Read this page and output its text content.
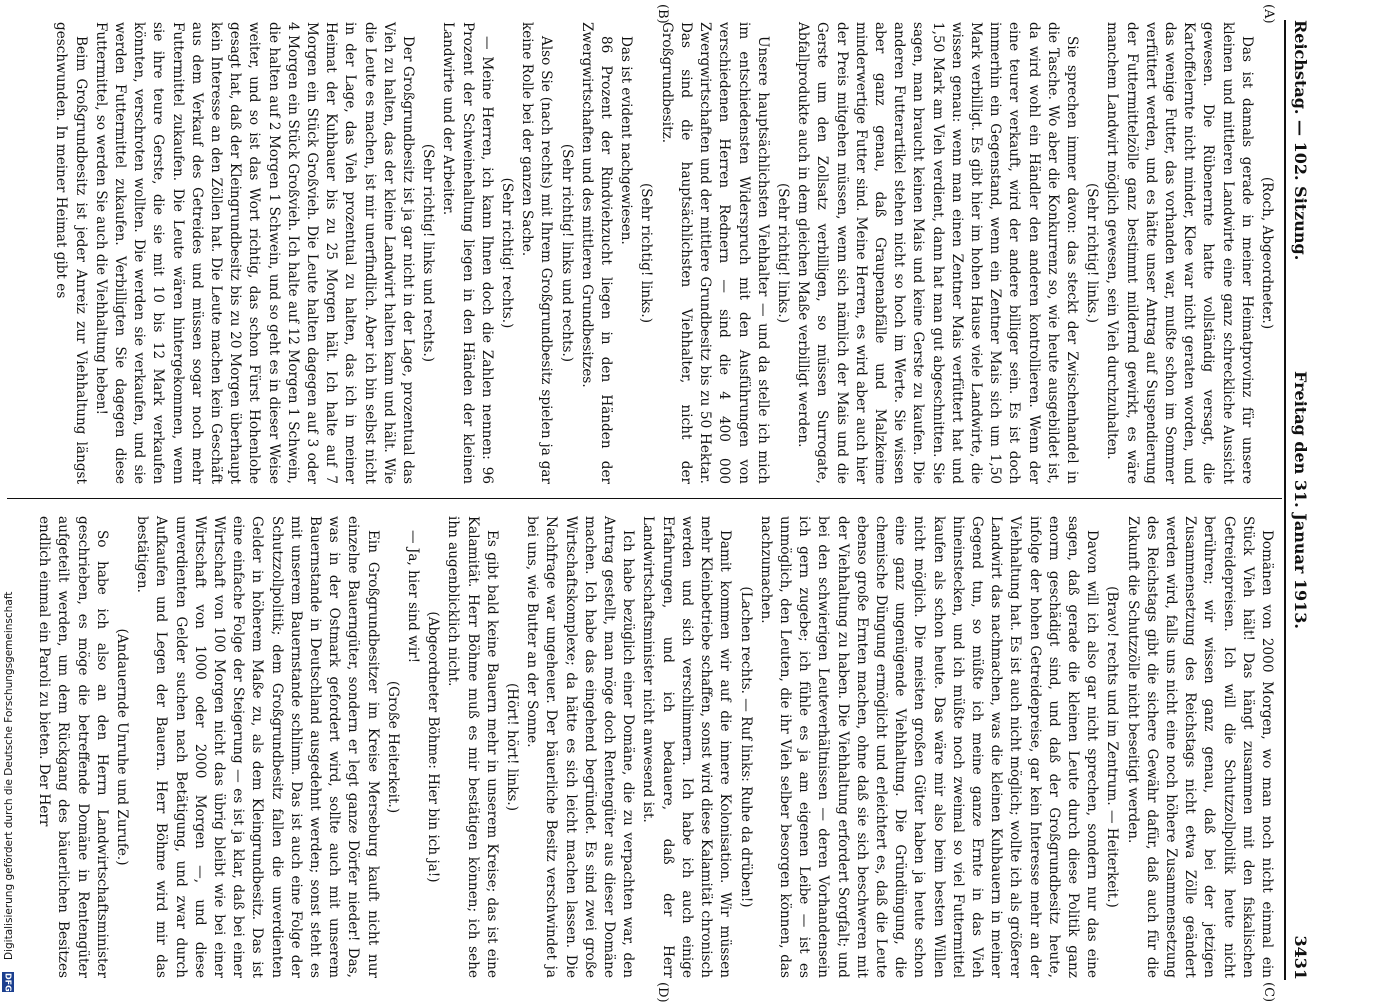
Reichstag. — 102. Sitzung.
Freitag den 31. Januar 1913.
3431
(A)
(B)
(C)
(D)

(Roch, Abgeordneter.)

Das ist damals gerade in meiner Heimatprovinz für unsere kleinen und mittleren Landwirte eine ganz schreckliche Aussicht gewesen. Die Rübenernte hatte vollständig versagt, die Kartoffelernte nicht minder, Klee war nicht geraten worden, und das wenige Futter, das vorhanden war, mußte schon im Sommer verfüttert werden, und es hätte unser Antrag auf Suspendierung der Futtermittelzölle ganz bestimmt mildernd gewirkt, es wäre manchem Landwirt möglich gewesen, sein Vieh durchzuhalten.

(Sehr richtig! links.)

Sie sprechen immer davon: das steckt der Zwischenhandel in die Tasche. Wo aber die Konkurrenz so, wie heute ausgebildet ist, da wird wohl ein Händler den anderen kontrollieren. Wenn der eine teurer verkauft, wird der andere billiger sein. Es ist doch immerhin ein Gegenstand, wenn ein Zentner Mais sich um 1,50 Mark verbilligt. Es gibt hier im hohen Hause viele Landwirte, die wissen genau: wenn man einen Zentner Mais verfüttert hat und 1,50 Mark am Vieh verdient, dann hat man gut abgeschnitten. Sie sagen, man braucht keinen Mais und keine Gerste zu kaufen. Die anderen Futterartikel stehen nicht so hoch im Werte. Sie wissen aber ganz genau, daß Graupenabfälle und Malzkeime minderwertige Futter sind. Meine Herren, es wird aber auch hier der Preis mitgehen müssen, wenn sich nämlich der Mais und die Gerste um den Zollsatz verbilligen, so müssen Surrogate, Abfallprodukte auch in dem gleichen Maße verbilligt werden.

(Sehr richtig! links.)

Unsere hauptsächlichsten Viehhalter — und da stelle ich mich im entschiedensten Widerspruch mit den Ausführungen von verschiedenen Herren Rednern — sind die 4 400 000 Zwergwirtschaften und der mittlere Grundbesitz bis zu 50 Hektar. Das sind die hauptsächlichsten Viehhalter, nicht der Großgrundbesitz.

(Sehr richtig! links.)

Das ist evident nachgewiesen.

86 Prozent der Rindviehzucht liegen in den Händen der Zwergwirtschaften und des mittleren Grundbesitzes.

(Sehr richtig! links und rechts.)

Also Sie (nach rechts) mit Ihrem Großgrundbesitz spielen ja gar keine Rolle bei der ganzen Sache.

(Sehr richtig! rechts.)

— Meine Herren, ich kann Ihnen doch die Zahlen nennen: 96 Prozent der Schweinehaltung liegen in den Händen der kleinen Landwirte und der Arbeiter.

(Sehr richtig! links und rechts.)

Der Großgrundbesitz ist ja gar nicht in der Lage, prozentual das Vieh zu halten, das der kleine Landwirt halten kann und hält. Wie die Leute es machen, ist mir unerfindlich. Aber ich bin selbst nicht in der Lage, das Vieh prozentual zu halten, das ich in meiner Heimat der Kuhbauer bis zu 25 Morgen hält. Ich halte auf 7 Morgen ein Stück Großvieh. Die Leute halten dagegen auf 3 oder 4 Morgen ein Stück Großvieh. Ich halte auf 12 Morgen 1 Schwein, die halten auf 2 Morgen 1 Schwein, und so geht es in dieser Weise weiter, und so ist das Wort richtig, das schon Fürst Hohenlohe gesagt hat, daß der Kleingrundbesitz bis zu 20 Morgen überhaupt kein Interesse an den Zöllen hat. Die Leute machen kein Geschäft aus dem Verkauf des Getreides und müssen sogar noch mehr Futtermittel zukaufen. Die Leute wären hintergekommen, wenn sie ihre teure Gerste, die sie mit 10 bis 12 Mark verkaufen könnten, verschroten wollten. Die werden sie verkaufen, und sie werden Futtermittel zukaufen. Verbilligten Sie dagegen diese Futtermittel, so werden Sie auch die Viehhaltung heben!

Beim Großgrundbesitz ist jeder Anreiz zur Viehhaltung längst geschwunden. In meiner Heimat gibt es

Domänen von 2000 Morgen, wo man noch nicht einmal ein Stück Vieh hält! Das hängt zusammen mit den fiskalischen Getreidepreisen. Ich will die Schutzzollpolitik heute nicht berühren; wir wissen ganz genau, daß bei der jetzigen Zusammensetzung des Reichstags nicht etwa Zölle geändert werden wird, falls uns nicht eine noch höhere Zusammensetzung des Reichstags gibt die sichere Gewähr dafür, daß auch für die Zukunft die Schutzzölle nicht beseitigt werden.

(Bravo! rechts und im Zentrum. — Heiterkeit.)

Davon will ich also gar nicht sprechen, sondern nur das eine sagen, daß gerade die kleinen Leute durch diese Politik ganz enorm geschädigt sind, und daß der Großgrundbesitz heute, infolge der hohen Getreidepreise, gar kein Interesse mehr an der Viehhaltung hat. Es ist auch nicht möglich; wollte ich als größerer Landwirt das nachmachen, was die kleinen Kuhbauern in meiner Gegend tun, so müßte ich meine ganze Ernte in das Vieh hineinstecken, und ich müßte noch zweimal so viel Futtermittel kaufen als schon heute. Das wäre mir also beim besten Willen nicht möglich. Die meisten großen Güter haben ja heute schon eine ganz ungenügende Viehhaltung. Die Gründüngung, die chemische Düngung ermöglicht und erleichtert es, daß die Leute ebenso große Ernten machen, ohne daß sie sich beschweren mit der Viehhaltung zu haben. Die Viehhaltung erfordert Sorgfalt; und bei den schwierigen Leuteverhältnissen — deren Vorhandensein ich gern zugebe; ich fühle es ja am eigenen Leibe — ist es unmöglich, den Leuten, die ihr Vieh selber besorgen können, das nachzumachen.

(Lachen rechts. — Ruf links: Ruhe da drüben!)

Damit kommen wir auf die innere Kolonisation. Wir müssen mehr Kleinbetriebe schaffen, sonst wird diese Kalamität chronisch werden und sich verschlimmern. Ich habe ich auch einige Erfahrungen, und ich bedauere, daß der Herr Landwirtschaftsminister nicht anwesend ist.

Ich habe bezüglich einer Domäne, die zu verpachten war, den Antrag gestellt, man möge doch Rentengüter aus dieser Domäne machen. Ich habe das eingehend begründet. Es sind zwei große Wirtschaftskomplexe; da hätte es sich leicht machen lassen. Die Nachfrage war ungeheuer. Der bäuerliche Besitz verschwindet ja bei uns, wie Butter an der Sonne.

(Hört! hört! links.)

Es gibt bald keine Bauern mehr in unserem Kreise; das ist eine Kalamität. Herr Böhme muß es mir bestätigen können; ich sehe ihn augenblicklich nicht.

(Abgeordneter Böhme: Hier bin ich ja!)

— Ja, hier sind wir!

(Große Heiterkeit.)

Ein Großgrundbesitzer im Kreise Merseburg kauft nicht nur einzelne Bauerngüter, sondern er legt ganze Dörfer nieder! Das, was in der Ostmark gefordert wird, sollte auch mit unserem Bauernstande in Deutschland ausgedehnt werden; sonst steht es mit unserem Bauernstande schlimm. Das ist auch eine Folge der Schutzzollpolitik; dem Großgrundbesitz fallen die unverdienten Gelder in höherem Maße zu, als dem Kleingrundbesitz. Das ist eine einfache Folge der Steigerung — es ist ja klar, daß bei einer Wirtschaft von 100 Morgen nicht das übrig bleibt wie bei einer Wirtschaft von 1000 oder 2000 Morgen —, und diese unverdienten Gelder suchen nach Betätigung, und zwar durch Aufkaufen und Legen der Bauern. Herr Böhme wird mir das bestätigen.

(Andauernde Unruhe und Zurufe.)

So habe ich also an den Herrn Landwirtschaftsminister geschrieben, es möge die betreffende Domäne in Rentengüter aufgeteilt werden, um dem Rückgang des bäuerlichen Besitzes endlich einmal ein Paroli zu bieten. Der Herr

Digitalisierung gefördert durch die Deutsche Forschungsgemeinschaft
DFG
